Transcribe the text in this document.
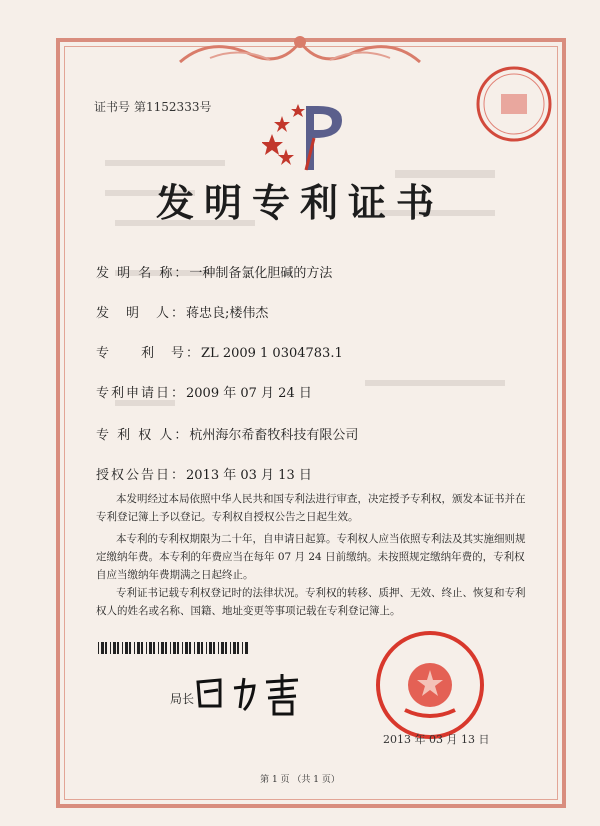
证书号 第1152333号
发明专利证书
发 明 名 称：一种制备氯化胆碱的方法
发　明　人：蒋忠良;楼伟杰
专　　利　号：ZL 2009 1 0304783.1
专利申请日：2009 年 07 月 24 日
专 利 权 人：杭州海尔希畜牧科技有限公司
授权公告日：2013 年 03 月 13 日
本发明经过本局依照中华人民共和国专利法进行审查，决定授予专利权，颁发本证书并在专利登记簿上予以登记。专利权自授权公告之日起生效。
本专利的专利权期限为二十年，自申请日起算。专利权人应当依照专利法及其实施细则规定缴纳年费。本专利的年费应当在每年 07 月 24 日前缴纳。未按照规定缴纳年费的，专利权自应当缴纳年费期满之日起终止。
专利证书记载专利权登记时的法律状况。专利权的转移、质押、无效、终止、恢复和专利权人的姓名或名称、国籍、地址变更等事项记载在专利登记簿上。
局长
2013 年 03 月 13 日
第 1 页 （共 1 页）
